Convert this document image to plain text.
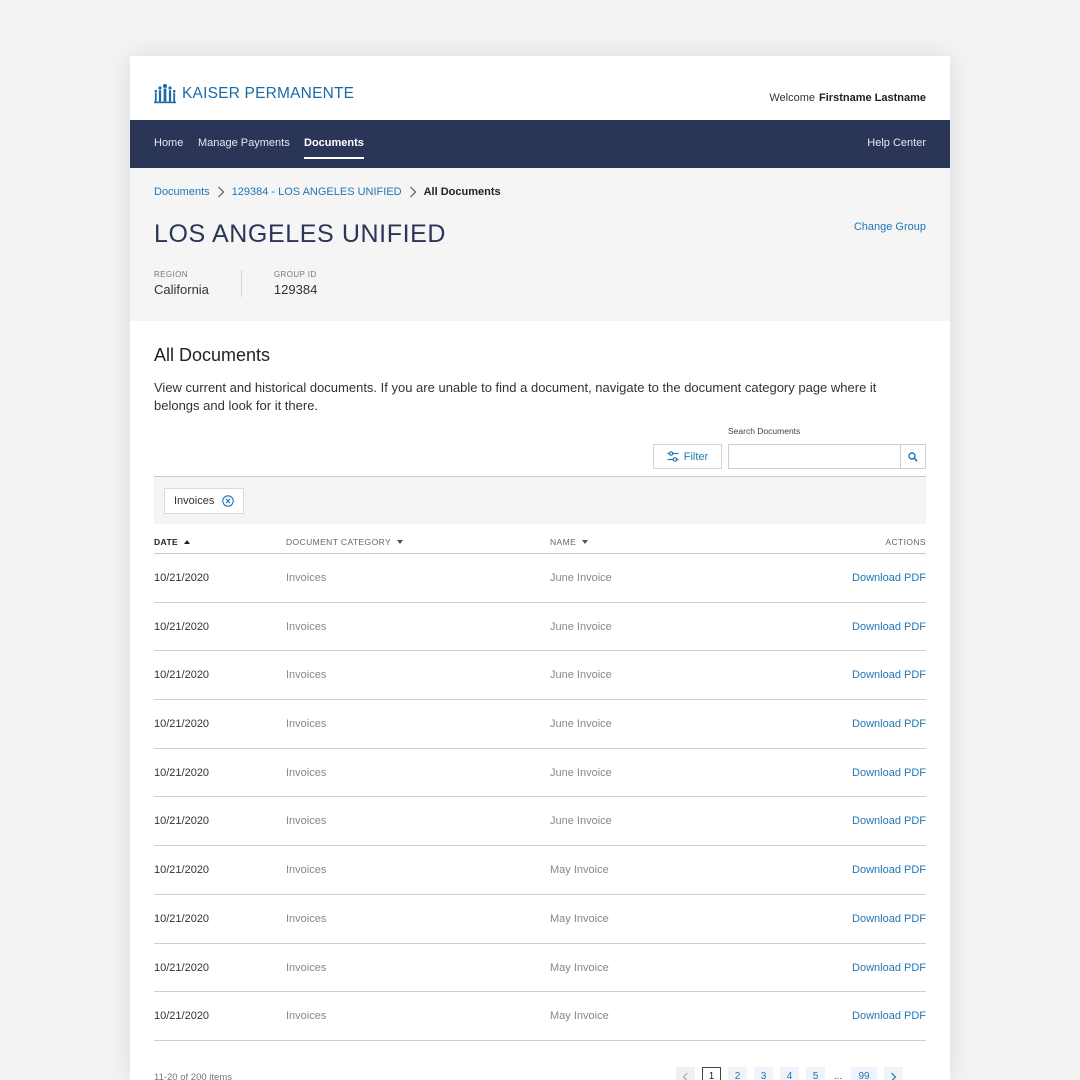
KAISER PERMANENTE	Welcome Firstname Lastname
Home Manage Payments Documents	Help Center
Documents 129384 - LOS ANGELES UNIFIED All Documents
LOS ANGELES UNIFIED	Change Group
REGION
California
GROUP ID
129384
All Documents
View current and historical documents. If you are unable to find a document, navigate to the document category page where it belongs and look for it there.
Search Documents
Filter
Invoices
DATE	DOCUMENT CATEGORY	NAME	ACTIONS
10/21/2020	Invoices	June Invoice	Download PDF
10/21/2020	Invoices	June Invoice	Download PDF
10/21/2020	Invoices	June Invoice	Download PDF
10/21/2020	Invoices	June Invoice	Download PDF
10/21/2020	Invoices	June Invoice	Download PDF
10/21/2020	Invoices	June Invoice	Download PDF
10/21/2020	Invoices	May Invoice	Download PDF
10/21/2020	Invoices	May Invoice	Download PDF
10/21/2020	Invoices	May Invoice	Download PDF
10/21/2020	Invoices	May Invoice	Download PDF
11-20 of 200 items	1	2	3	4	5	...	99
